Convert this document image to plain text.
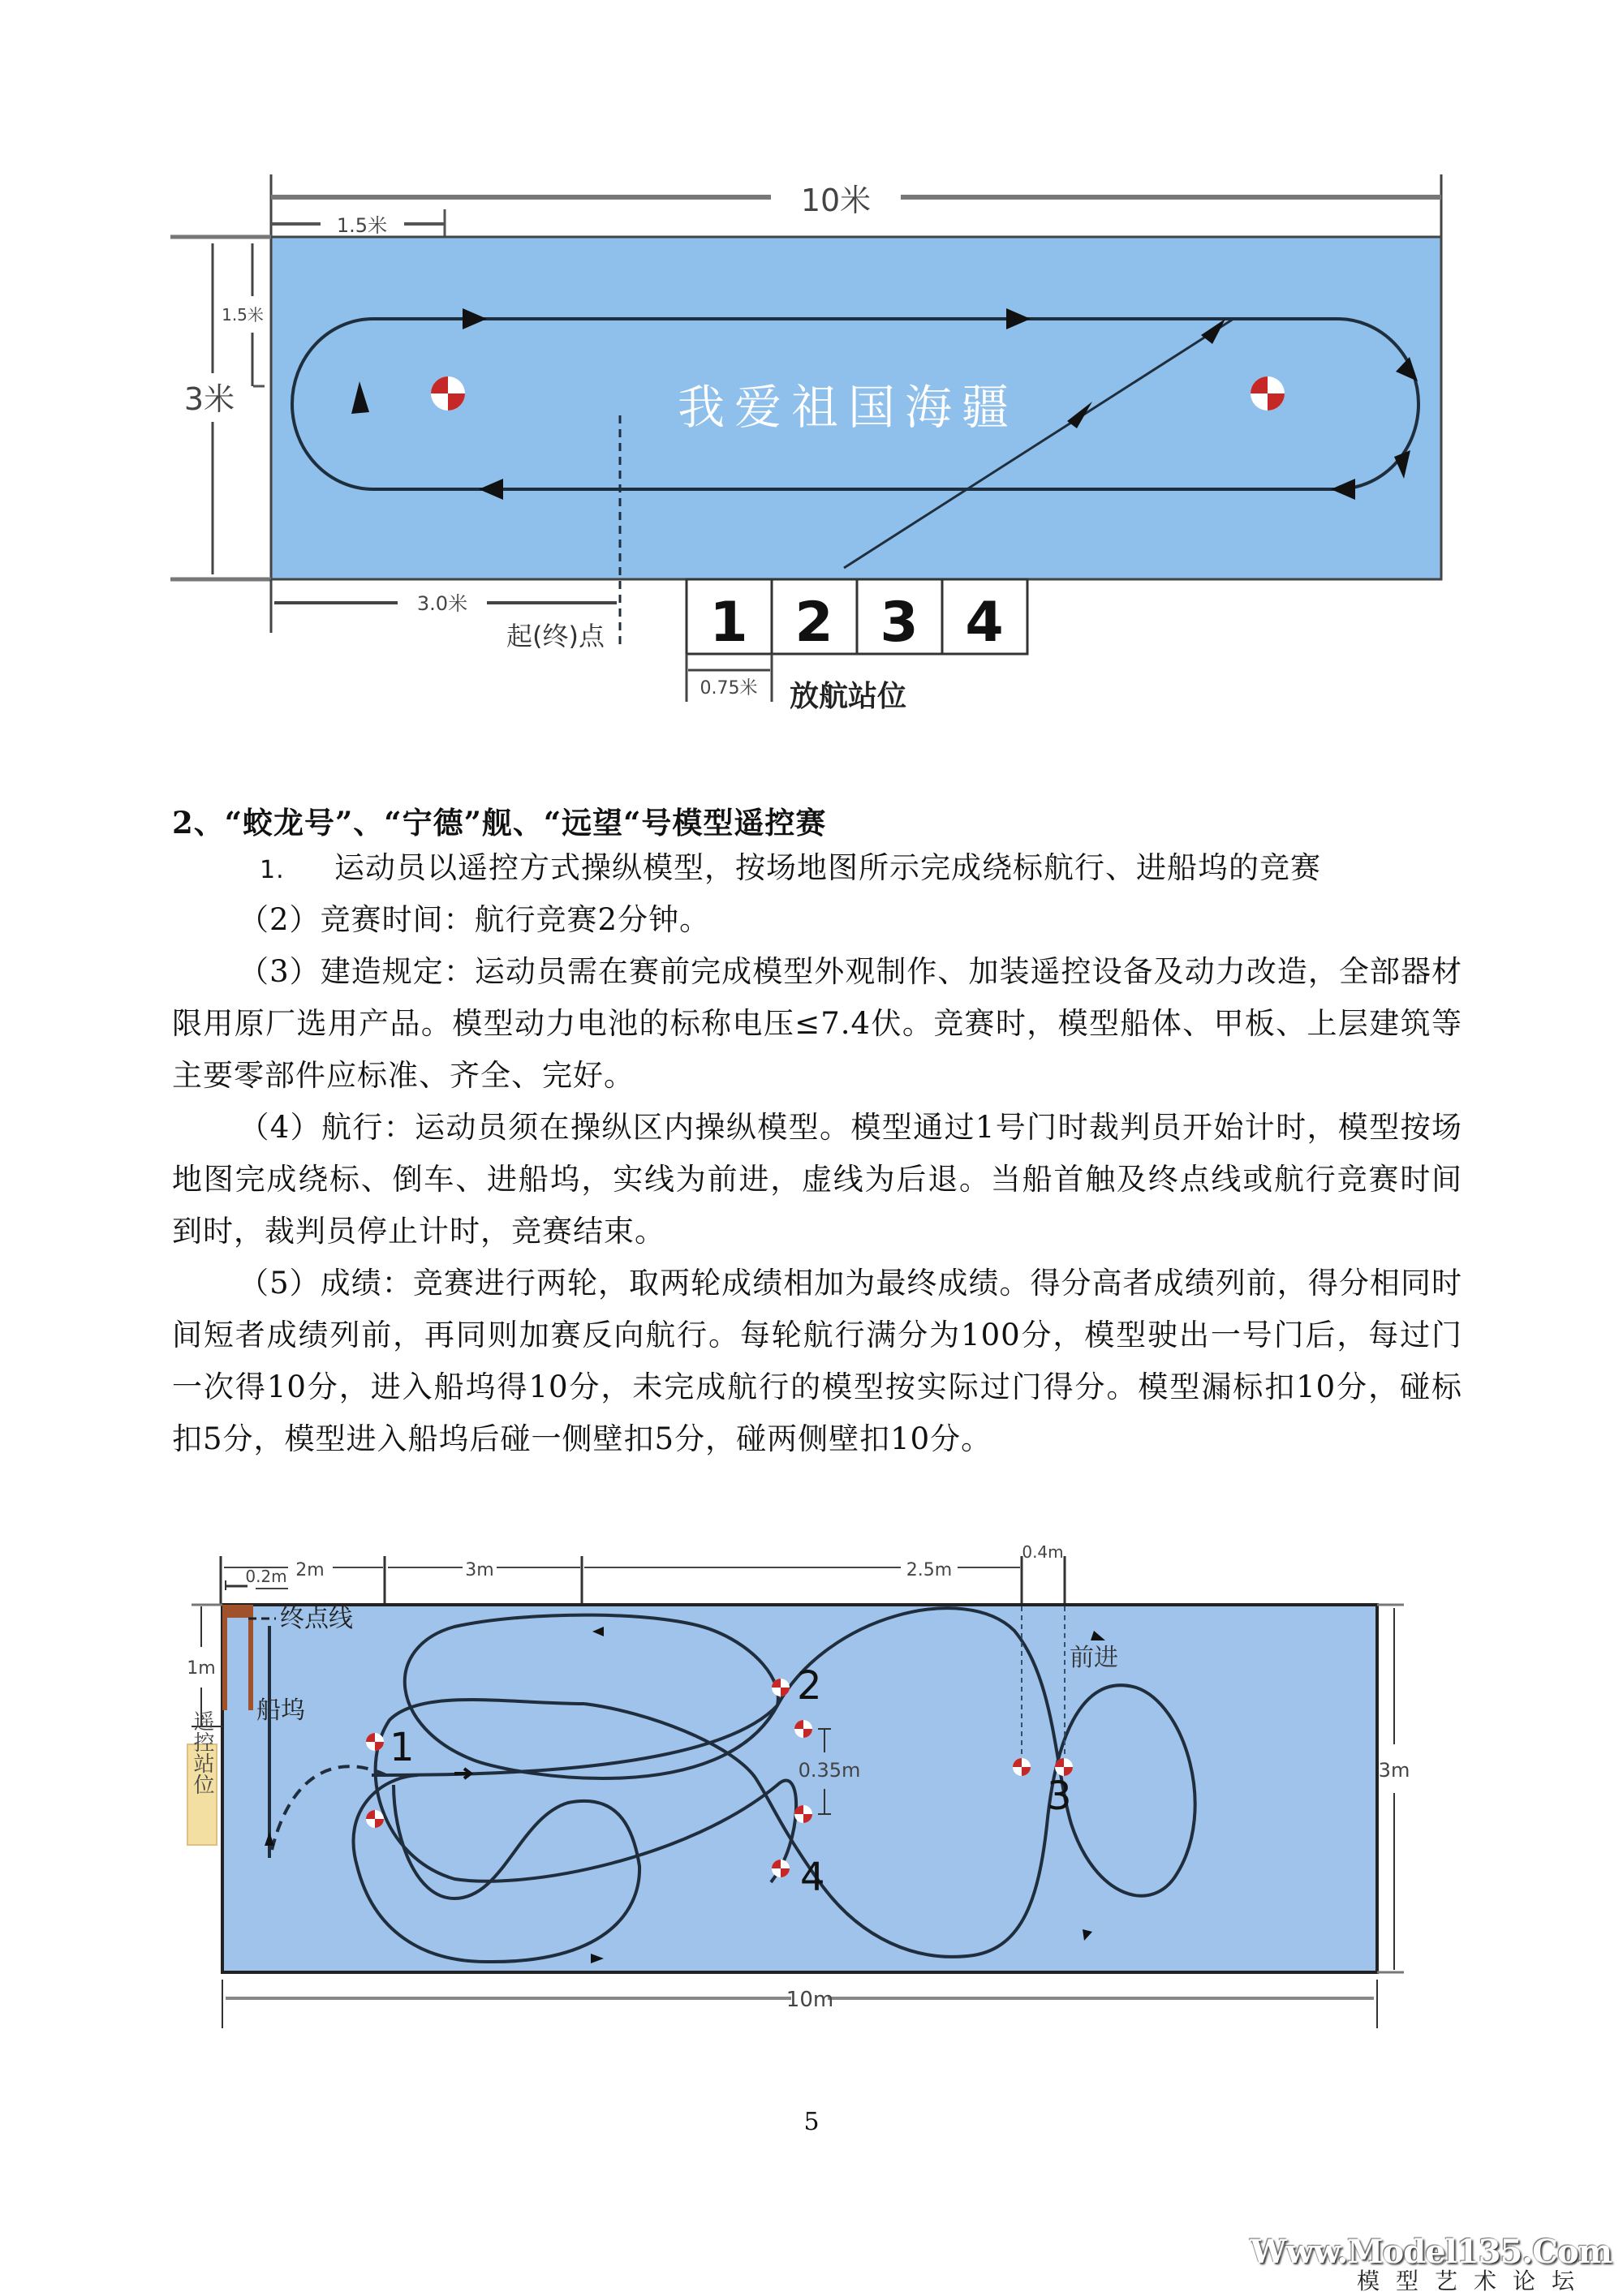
10米
1.5米
3米
1.5米
我爱祖国海疆
3.0米
起(终)点 1 2 3 4
0.75米 放航站位
2、“蛟龙号”、“宁德”舰、“远望“号模型遥控赛
1. 运动员以遥控方式操纵模型，按场地图所示完成绕标航行、进船坞的竞赛
（2）竞赛时间：航行竞赛2分钟。
（3）建造规定：运动员需在赛前完成模型外观制作、加装遥控设备及动力改造，全部器材限用原厂选用产品。模型动力电池的标称电压≤7.4伏。竞赛时，模型船体、甲板、上层建筑等主要零部件应标准、齐全、完好。
（4）航行：运动员须在操纵区内操纵模型。模型通过1号门时裁判员开始计时，模型按场地图完成绕标、倒车、进船坞，实线为前进，虚线为后退。当船首触及终点线或航行竞赛时间到时，裁判员停止计时，竞赛结束。
（5）成绩：竞赛进行两轮，取两轮成绩相加为最终成绩。得分高者成绩列前，得分相同时间短者成绩列前，再同则加赛反向航行。每轮航行满分为100分，模型驶出一号门后，每过门一次得10分，进入船坞得10分，未完成航行的模型按实际过门得分。模型漏标扣10分，碰标扣5分，模型进入船坞后碰一侧壁扣5分，碰两侧壁扣10分。
2m	3m	2.5m
0.4m
0.2m
终点线
船坞
1m
遥控站位
前进
1
2
3
4
0.35m	3m
10m
5
Www.Model135.Com
模型艺术论坛
